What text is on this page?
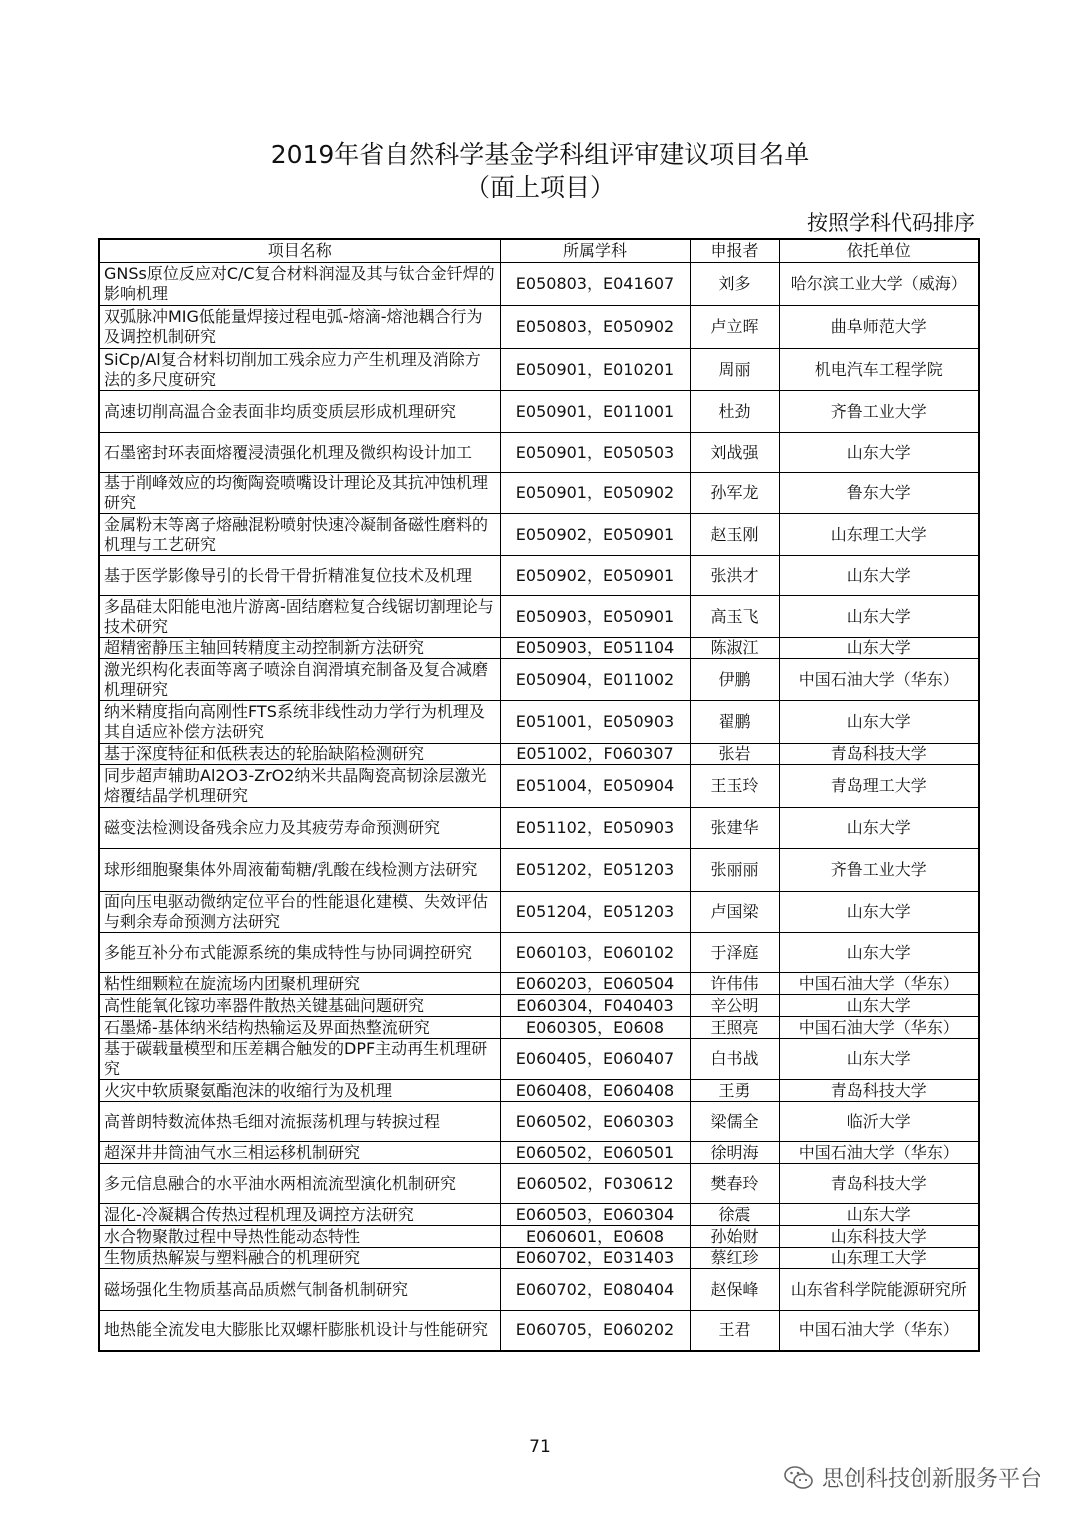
2019年省自然科学基金学科组评审建议项目名单
（面上项目）
按照学科代码排序
项目名称	所属学科	申报者	依托单位
GNSs原位反应对C/C复合材料润湿及其与钛合金钎焊的影响机理	E050803，E041607	刘多	哈尔滨工业大学（威海）
双弧脉冲MIG低能量焊接过程电弧-熔滴-熔池耦合行为及调控机制研究	E050803，E050902	卢立晖	曲阜师范大学
SiCp/Al复合材料切削加工残余应力产生机理及消除方法的多尺度研究	E050901，E010201	周丽	机电汽车工程学院
高速切削高温合金表面非均质变质层形成机理研究	E050901，E011001	杜劲	齐鲁工业大学
石墨密封环表面熔覆浸渍强化机理及微织构设计加工	E050901，E050503	刘战强	山东大学
基于削峰效应的均衡陶瓷喷嘴设计理论及其抗冲蚀机理研究	E050901，E050902	孙军龙	鲁东大学
金属粉末等离子熔融混粉喷射快速冷凝制备磁性磨料的机理与工艺研究	E050902，E050901	赵玉刚	山东理工大学
基于医学影像导引的长骨干骨折精准复位技术及机理	E050902，E050901	张洪才	山东大学
多晶硅太阳能电池片游离-固结磨粒复合线锯切割理论与技术研究	E050903，E050901	高玉飞	山东大学
超精密静压主轴回转精度主动控制新方法研究	E050903，E051104	陈淑江	山东大学
激光织构化表面等离子喷涂自润滑填充制备及复合减磨机理研究	E050904，E011002	伊鹏	中国石油大学（华东）
纳米精度指向高刚性FTS系统非线性动力学行为机理及其自适应补偿方法研究	E051001，E050903	翟鹏	山东大学
基于深度特征和低秩表达的轮胎缺陷检测研究	E051002，F060307	张岩	青岛科技大学
同步超声辅助Al2O3-ZrO2纳米共晶陶瓷高韧涂层激光熔覆结晶学机理研究	E051004，E050904	王玉玲	青岛理工大学
磁变法检测设备残余应力及其疲劳寿命预测研究	E051102，E050903	张建华	山东大学
球形细胞聚集体外周液葡萄糖/乳酸在线检测方法研究	E051202，E051203	张丽丽	齐鲁工业大学
面向压电驱动微纳定位平台的性能退化建模、失效评估与剩余寿命预测方法研究	E051204，E051203	卢国梁	山东大学
多能互补分布式能源系统的集成特性与协同调控研究	E060103，E060102	于泽庭	山东大学
粘性细颗粒在旋流场内团聚机理研究	E060203，E060504	许伟伟	中国石油大学（华东）
高性能氧化镓功率器件散热关键基础问题研究	E060304，F040403	辛公明	山东大学
石墨烯-基体纳米结构热输运及界面热整流研究	E060305，E0608	王照亮	中国石油大学（华东）
基于碳载量模型和压差耦合触发的DPF主动再生机理研究	E060405，E060407	白书战	山东大学
火灾中软质聚氨酯泡沫的收缩行为及机理	E060408，E060408	王勇	青岛科技大学
高普朗特数流体热毛细对流振荡机理与转捩过程	E060502，E060303	梁儒全	临沂大学
超深井井筒油气水三相运移机制研究	E060502，E060501	徐明海	中国石油大学（华东）
多元信息融合的水平油水两相流流型演化机制研究	E060502，F030612	樊春玲	青岛科技大学
湿化-冷凝耦合传热过程机理及调控方法研究	E060503，E060304	徐震	山东大学
水合物聚散过程中导热性能动态特性	E060601，E0608	孙始财	山东科技大学
生物质热解炭与塑料融合的机理研究	E060702，E031403	蔡红珍	山东理工大学
磁场强化生物质基高品质燃气制备机制研究	E060702，E080404	赵保峰	山东省科学院能源研究所
地热能全流发电大膨胀比双螺杆膨胀机设计与性能研究	E060705，E060202	王君	中国石油大学（华东）
71
思创科技创新服务平台
